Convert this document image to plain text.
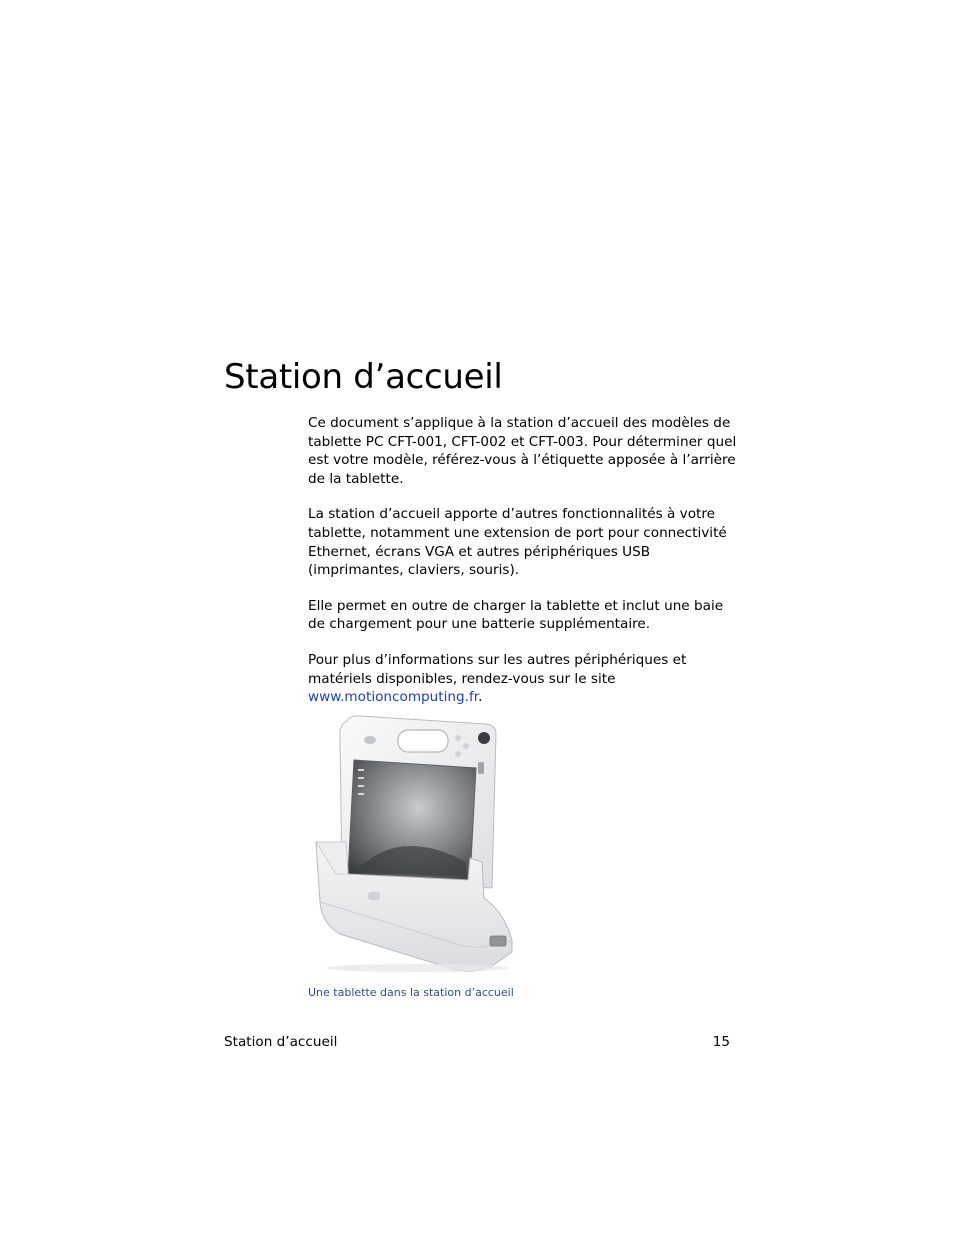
Station d’accueil

Ce document s’applique à la station d’accueil des modèles de tablette PC CFT-001, CFT-002 et CFT-003. Pour déterminer quel est votre modèle, référez-vous à l’étiquette apposée à l’arrière de la tablette.

La station d’accueil apporte d’autres fonctionnalités à votre tablette, notamment une extension de port pour connectivité Ethernet, écrans VGA et autres périphériques USB (imprimantes, claviers, souris).

Elle permet en outre de charger la tablette et inclut une baie de chargement pour une batterie supplémentaire.

Pour plus d’informations sur les autres périphériques et matériels disponibles, rendez-vous sur le site www.motioncomputing.fr.

Une tablette dans la station d’accueil
Station d’accueil	15
